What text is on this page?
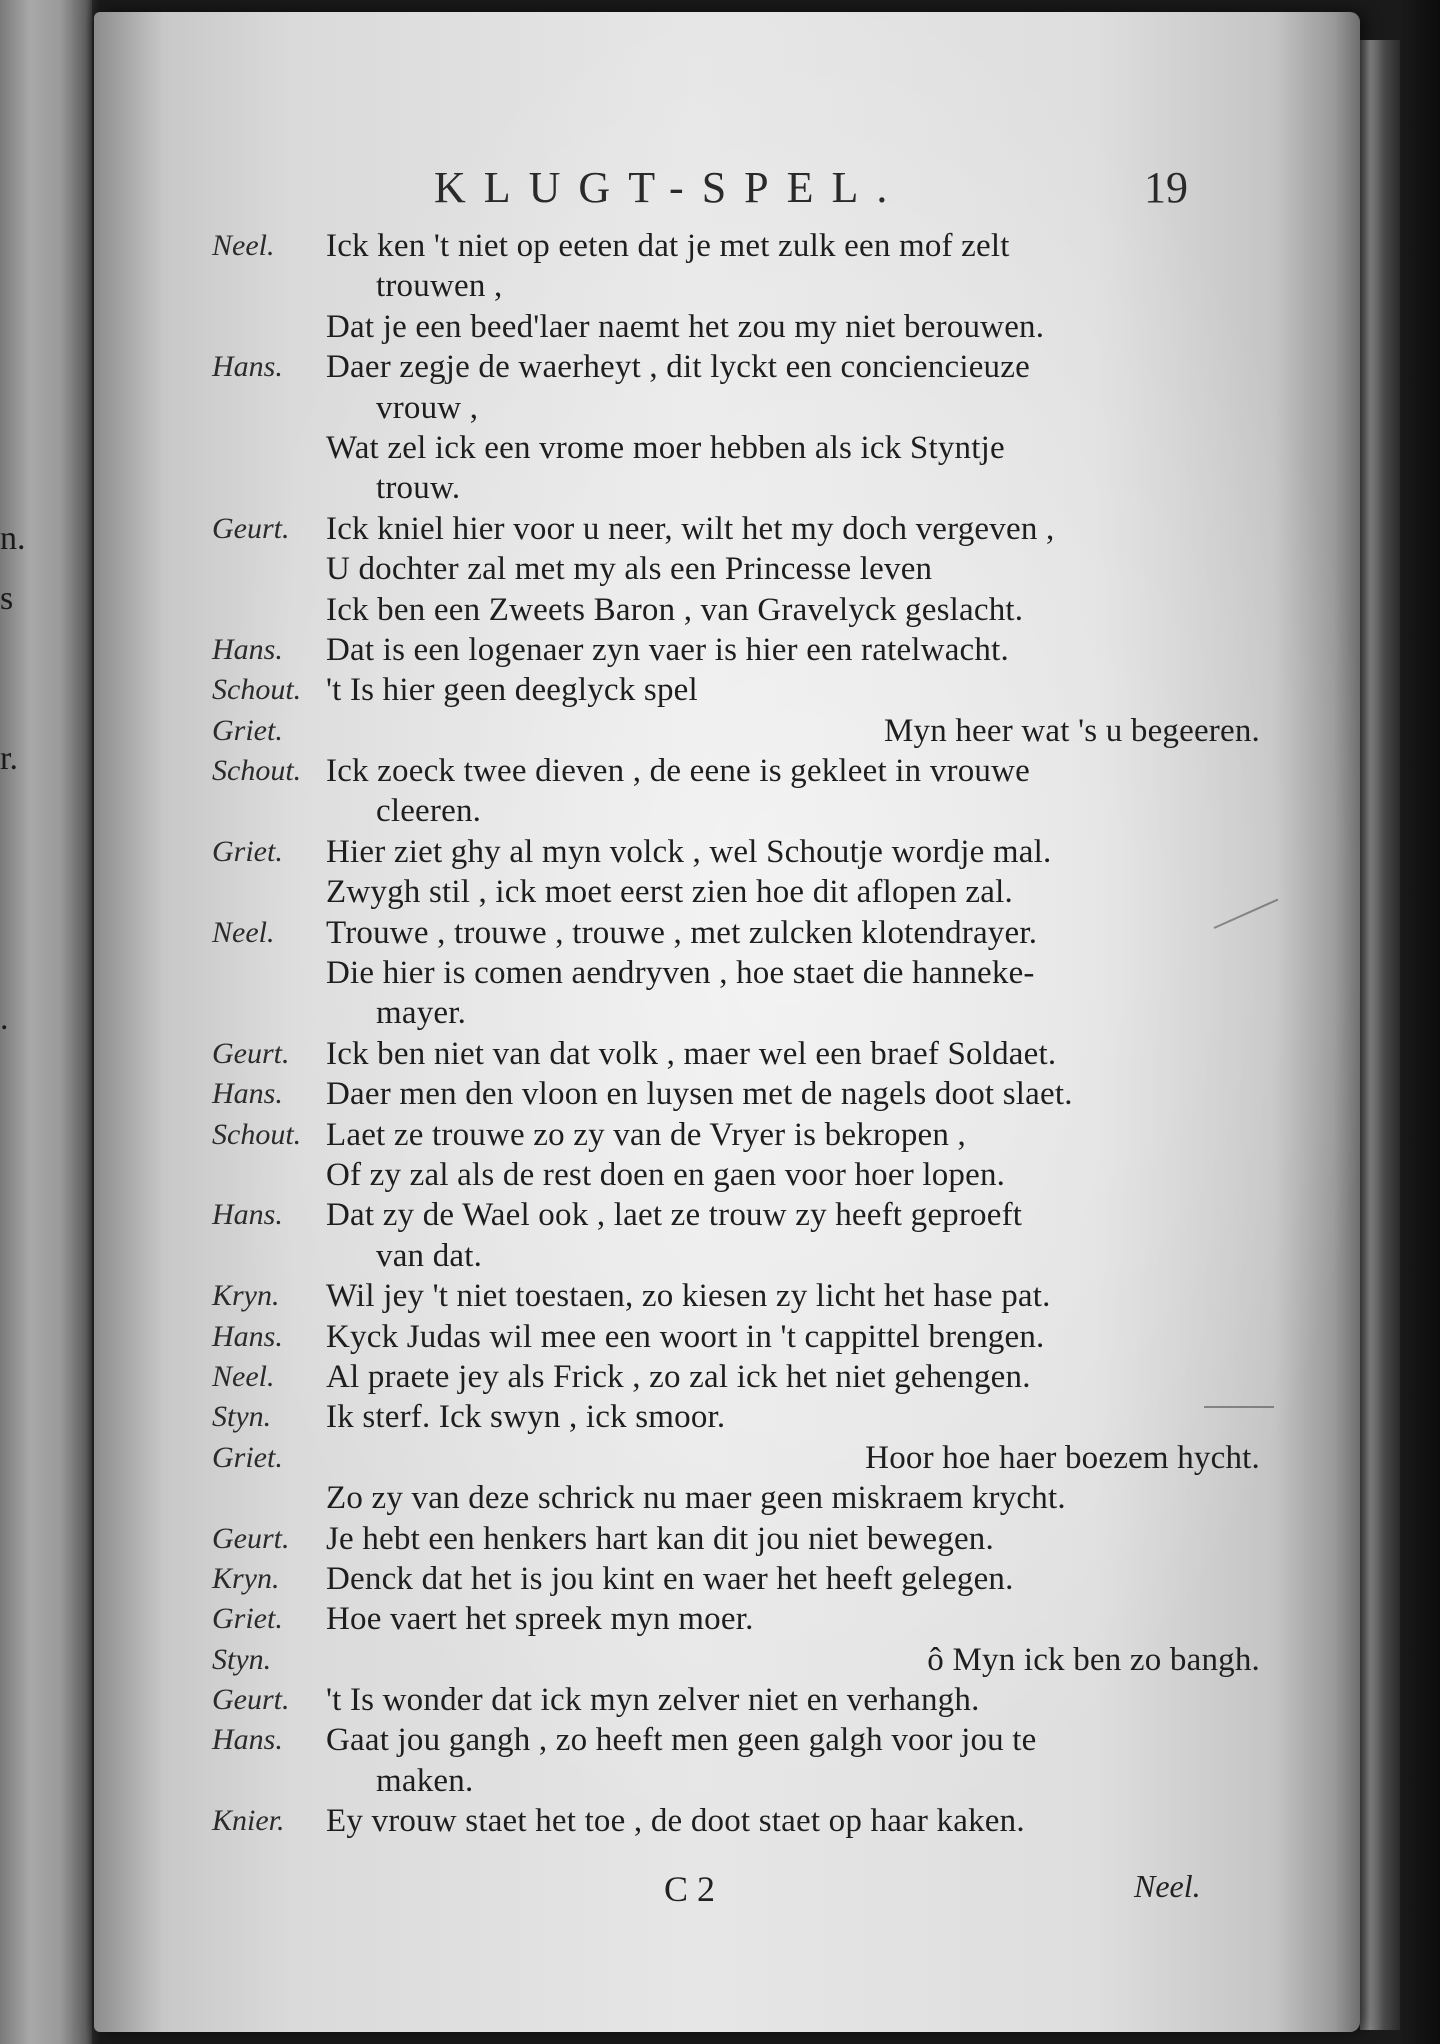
n.
s
r.
.
KLUGT-SPEL.	19
Neel. Ick ken 't niet op eeten dat je met zulk een mof zelt
trouwen ,
Dat je een beed'laer naemt het zou my niet berouwen.
Hans. Daer zegje de waerheyt , dit lyckt een concienciеuze
vrouw ,
Wat zel ick een vrome moer hebben als ick Styntje
trouw.
Geurt. Ick kniel hier voor u neer, wilt het my doch vergeven ,
U dochter zal met my als een Princesse leven
Ick ben een Zweets Baron , van Gravelyck geslacht.
Hans. Dat is een logenaer zyn vaer is hier een ratelwacht.
Schout. 't Is hier geen deeglyck spel
Griet.	Myn heer wat 's u begeeren.
Schout. Ick zoeck twee dieven , de eene is gekleet in vrouwe
cleeren.
Griet. Hier ziet ghy al myn volck , wel Schoutje wordje mal.
Zwygh stil , ick moet eerst zien hoe dit aflopen zal.
Neel. Trouwe , trouwe , trouwe , met zulcken klotendrayer.
Die hier is comen aendryven , hoe staet die hanneke-
mayer.
Geurt. Ick ben niet van dat volk , maer wel een braef Soldaet.
Hans. Daer men den vloon en luysen met de nagels doot slaet.
Schout. Laet ze trouwe zo zy van de Vryer is bekropen ,
Of zy zal als de rest doen en gaen voor hoer lopen.
Hans. Dat zy de Wael ook , laet ze trouw zy heeft geproeft
van dat.
Kryn. Wil jey 't niet toestaen, zo kiesen zy licht het hase pat.
Hans. Kyck Judas wil mee een woort in 't cappittel brengen.
Neel. Al praete jey als Frick , zo zal ick het niet gehengen.
Styn. Ik sterf. Ick swyn , ick smoor.
Griet.	Hoor hoe haer boezem hycht.
Zo zy van deze schrick nu maer geen miskraem krycht.
Geurt. Je hebt een henkers hart kan dit jou niet bewegen.
Kryn. Denck dat het is jou kint en waer het heeft gelegen.
Griet. Hoe vaert het spreek myn moer.
Styn.	ô Myn ick ben zo bangh.
Geurt. 't Is wonder dat ick myn zelver niet en verhangh.
Hans. Gaat jou gangh , zo heeft men geen galgh voor jou te
maken.
Knier. Ey vrouw staet het toe , de doot staet op haar kaken.
C 2	Neel.
